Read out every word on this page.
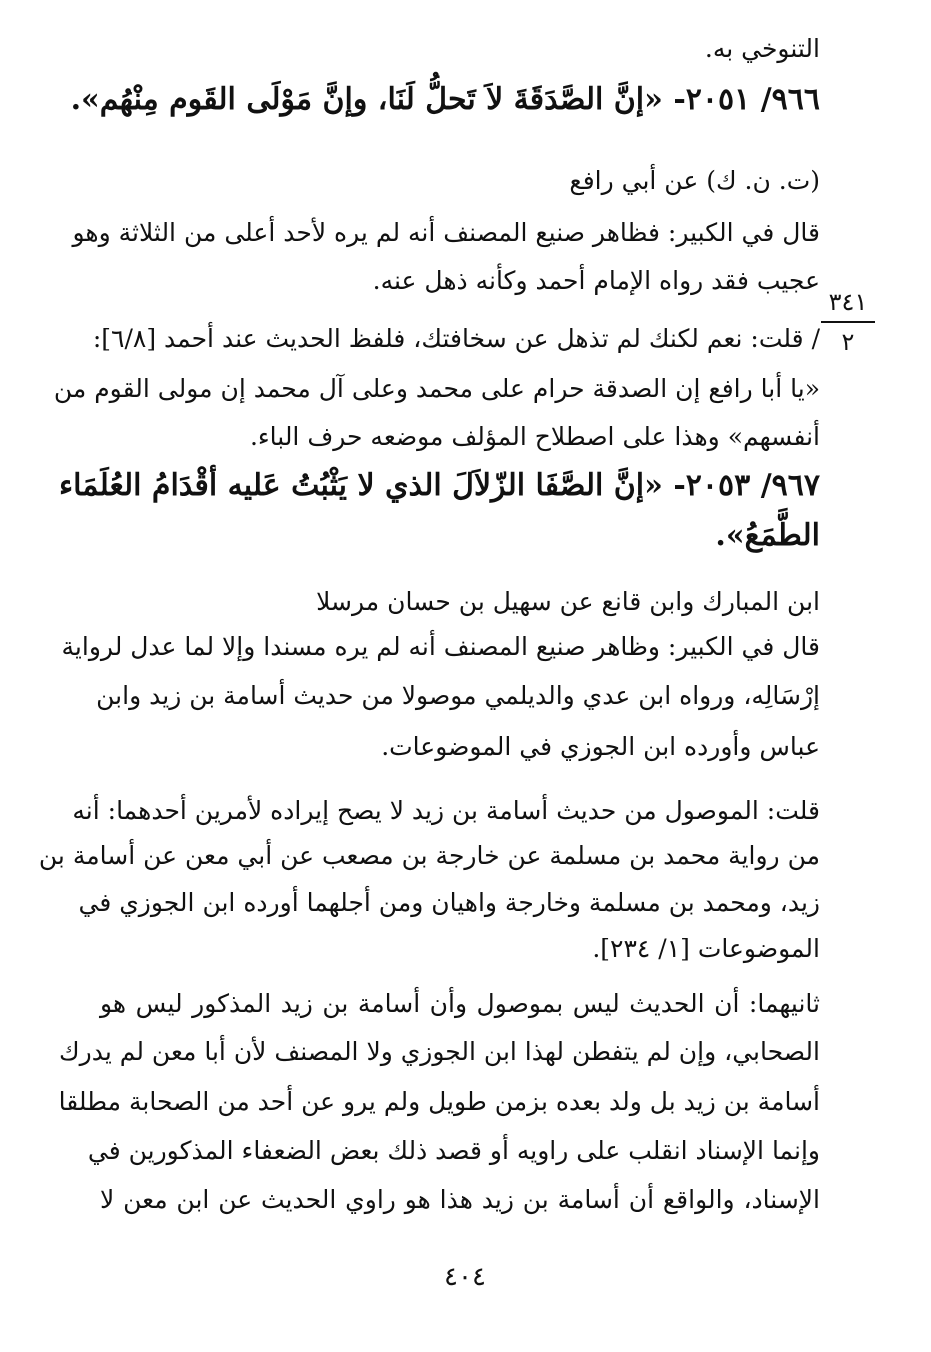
التنوخي به.
٩٦٦/ ٢٠٥١- «إنَّ الصَّدَقَةَ لاَ تَحلُّ لَنَا، وإنَّ مَوْلَى القَوم مِنْهُم».
(ت. ن. ك) عن أبي رافع
قال في الكبير: فظاهر صنيع المصنف أنه لم يره لأحد أعلى من الثلاثة وهو
عجيب فقد رواه الإمام أحمد وكأنه ذهل عنه.
/ قلت: نعم لكنك لم تذهل عن سخافتك، فلفظ الحديث عند أحمد [٦/٨]:
«يا أبا رافع إن الصدقة حرام على محمد وعلى آل محمد إن مولى القوم من
أنفسهم» وهذا على اصطلاح المؤلف موضعه حرف الباء.
٩٦٧/ ٢٠٥٣- «إنَّ الصَّفَا الزّلاَلَ الذي لا يَثْبُتُ عَليه أقْدَامُ العُلَمَاء
الطَّمَعُ».
ابن المبارك وابن قانع عن سهيل بن حسان مرسلا
قال في الكبير: وظاهر صنيع المصنف أنه لم يره مسندا وإلا لما عدل لرواية
إرْسَالِه، ورواه ابن عدي والديلمي موصولا من حديث أسامة بن زيد وابن
عباس وأورده ابن الجوزي في الموضوعات.
قلت: الموصول من حديث أسامة بن زيد لا يصح إيراده لأمرين أحدهما: أنه
من رواية محمد بن مسلمة عن خارجة بن مصعب عن أبي معن عن أسامة بن
زيد، ومحمد بن مسلمة وخارجة واهيان ومن أجلهما أورده ابن الجوزي في
الموضوعات [١/ ٢٣٤].
ثانيهما: أن الحديث ليس بموصول وأن أسامة بن زيد المذكور ليس هو
الصحابي، وإن لم يتفطن لهذا ابن الجوزي ولا المصنف لأن أبا معن لم يدرك
أسامة بن زيد بل ولد بعده بزمن طويل ولم يرو عن أحد من الصحابة مطلقا
وإنما الإسناد انقلب على راويه أو قصد ذلك بعض الضعفاء المذكورين في
الإسناد، والواقع أن أسامة بن زيد هذا هو راوي الحديث عن ابن معن لا
٣٤١
٢
٤٠٤
